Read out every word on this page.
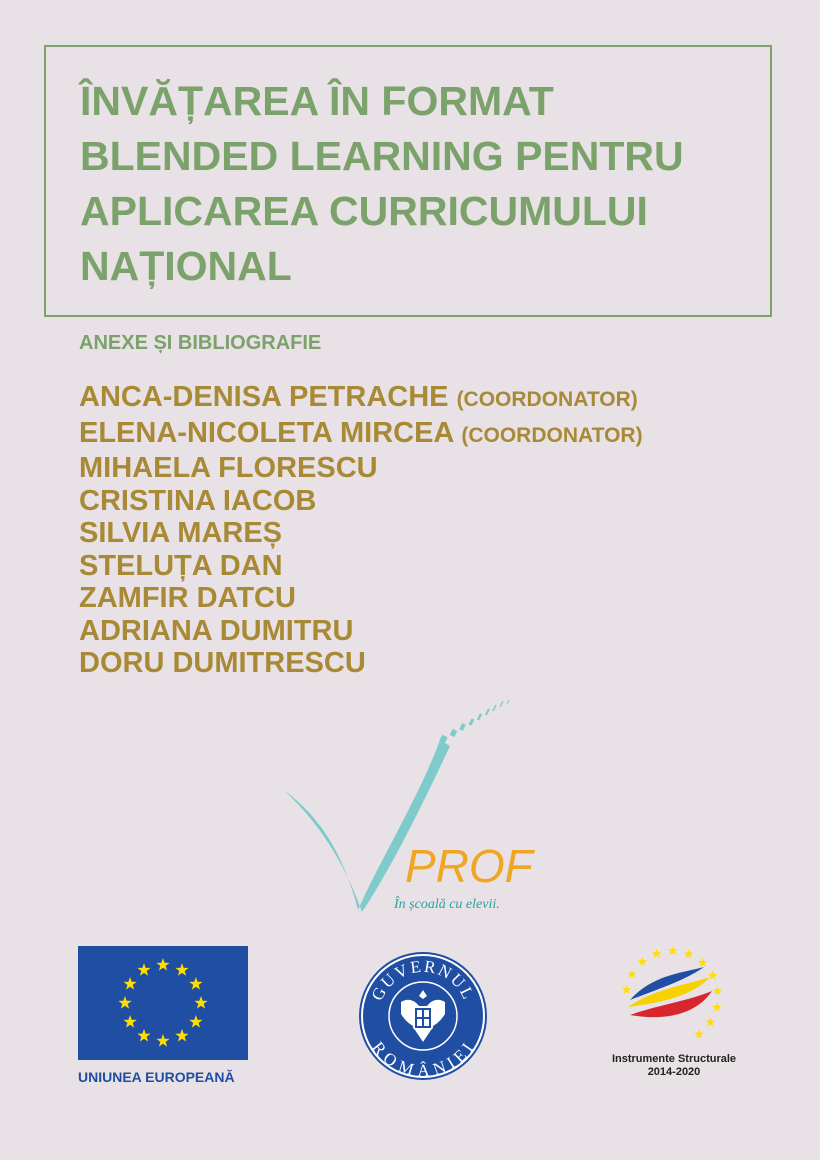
ÎNVĂȚAREA ÎN FORMAT
BLENDED LEARNING PENTRU
APLICAREA CURRICUMULUI
NAȚIONAL
ANEXE ȘI BIBLIOGRAFIE
ANCA-DENISA PETRACHE (COORDONATOR)
ELENA-NICOLETA MIRCEA (COORDONATOR)
MIHAELA FLORESCU
CRISTINA IACOB
SILVIA MAREȘ
STELUȚA DAN
ZAMFIR DATCU
ADRIANA DUMITRU
DORU DUMITRESCU
PROF
În școală cu elevii.
UNIUNEA EUROPEANĂ
GUVERNUL
ROMÂNIEI
Instrumente Structurale
2014-2020
